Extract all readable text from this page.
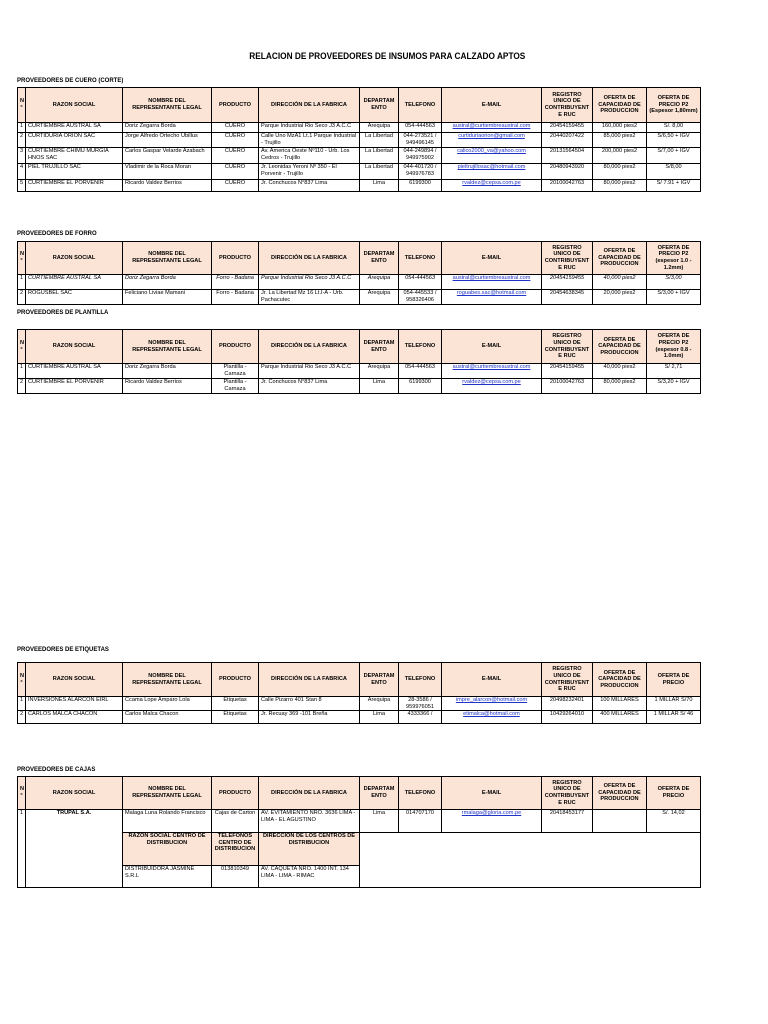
RELACION DE PROVEEDORES DE INSUMOS PARA CALZADO APTOS
PROVEEDORES DE CUERO (CORTE)
N°	RAZON SOCIAL	NOMBRE DEL REPRESENTANTE LEGAL	PRODUCTO	DIRECCIÓN DE LA FABRICA	DEPARTAMENTO	TELEFONO	E-MAIL	REGISTRO UNICO DE CONTRIBUYENTE RUC	OFERTA DE CAPACIDAD DE PRODUCCION	OFERTA DE PRECIO P2 (Espesor 1,80mm)
1	CURTIEMBRE AUSTRAL SA	Doriz Zegarra Borda	CUERO	Parque Industrial Rio Seco J3 A.C.C	Arequipa	054-444563	austral@curtiembreaustral.com	20454159455	160,000 pies2	S/. 8,00
2	CURTIDURIA ORION SAC	Jorge Alfredo Ortecho Ubillus	CUERO	Calle Uno MzA1 Lt.1 Parque Industrial - Trujillo	La Libertad	044-273521 / 949496145	curtiduriaorion@gmail.com	20440207422	85,000 pies2	S/6,50 + IGV
3	CURTIEMBRE CHIMU MURGIA HNOS SAC	Carlos Gaspar Velarde Azabach	CUERO	Av. America Oeste Nº110 - Urb. Los Cedros - Trujillo	La Libertad	044-249894 / 949975902	calico2000_va@yahoo.com	20131564504	200,000 pies2	S/7,00 + IGV
4	PIEL TRUJILLO SAC	Vladimir de la Roca Moran	CUERO	Jr. Leonidas Yeroni Nº 350 - El Porvenir - Trujillo	La Libertad	044-401720 / 949976783	pieltrujillosac@hotmail.com	20480943920	80,000 pies2	S/8,00
5	CURTIEMBRE EL PORVENIR	Ricardo Valdez Berrios	CUERO	Jr. Conchucos N°837 Lima	Lima	6199300	rvaldez@cepsa.com.pe	20100042763	80,000 pies2	S/ 7.91 + IGV
PROVEEDORES DE FORRO
N°	RAZON SOCIAL	NOMBRE DEL REPRESENTANTE LEGAL	PRODUCTO	DIRECCIÓN DE LA FABRICA	DEPARTAMENTO	TELEFONO	E-MAIL	REGISTRO UNICO DE CONTRIBUYENTE RUC	OFERTA DE CAPACIDAD DE PRODUCCION	OFERTA DE PRECIO P2 (espesor 1.0 - 1.2mm)
1	CURTIEMBRE AUSTRAL SA	Doriz Zegarra Borda	Forro - Badana	Parque Industrial Rio Seco J3 A.C.C	Arequipa	054-444563	austral@curtiembreaustral.com	20454159455	40,000 pies2	S/3,00
2	ROGUSBEL SAC	Feliciano Liviae Mamani	Forro - Badana	Jr. La Libertad Mz 16 Lt.I-A - Urb. Pachacutec	Arequipa	054-445533 / 958326406	roguabes.sac@hotmail.com	20454638345	20,000 pies2	S/3,00 + IGV
PROVEEDORES DE PLANTILLA
N°	RAZON SOCIAL	NOMBRE DEL REPRESENTANTE LEGAL	PRODUCTO	DIRECCIÓN DE LA FABRICA	DEPARTAMENTO	TELEFONO	E-MAIL	REGISTRO UNICO DE CONTRIBUYENTE RUC	OFERTA DE CAPACIDAD DE PRODUCCION	OFERTA DE PRECIO P2 (espesor 0.8 - 1.0mm)
1	CURTIEMBRE AUSTRAL SA	Doriz Zegarra Borda	Plantilla - Carnaza	Parque Industrial Rio Seco J3 A.C.C	Arequipa	054-444563	austral@curtiembreaustral.com	20454159455	40,000 pies2	S/ 2,71
2	CURTIEMBRE EL PORVENIR	Ricardo Valdez Berrios	Plantilla - Carnaza	Jr. Conchucos N°837 Lima	Lima	6199300	rvaldez@cepsa.com.pe	20100042763	80,000 pies2	S/3,20 + IGV
PROVEEDORES DE ETIQUETAS
N°	RAZON SOCIAL	NOMBRE DEL REPRESENTANTE LEGAL	PRODUCTO	DIRECCIÓN DE LA FABRICA	DEPARTAMENTO	TELEFONO	E-MAIL	REGISTRO UNICO DE CONTRIBUYENTE RUC	OFERTA DE CAPACIDAD DE PRODUCCION	OFERTA DE PRECIO
1	INVERSIONES ALARCON EIRL	Ccama Lope Amparo Lola	Etiquetas	Calle Pizarro 401 Stan 8	Arequipa	28-3586 / 959976051	impre_alarcon@hotmail.com	20498232401	100 MILLARES	1 MILLAR S/70
2	CARLOS MALCA CHACON	Carlos Malca Chacon	Etiquetas	Jr. Recuay 369 -101 Breña	Lima	4333366 /	etimalca@hotmail.com	10429264010	400 MILLARES	1 MILLAR S/ 46
PROVEEDORES DE CAJAS
N°	RAZON SOCIAL	NOMBRE DEL REPRESENTANTE LEGAL	PRODUCTO	DIRECCIÓN DE LA FABRICA	DEPARTAMENTO	TELEFONO	E-MAIL	REGISTRO UNICO DE CONTRIBUYENTE RUC	OFERTA DE CAPACIDAD DE PRODUCCION	OFERTA DE PRECIO
1	TRUPAL S.A.	Malaga Luna Rolando Francisco	Cajas de Carton	AV. EVITAMIENTO NRO. 3636 LIMA - LIMA - EL AGUSTINO	Lima	014707170	rmalaga@gloria.com.pe	20418453177		S/. 14,02
		RAZON SOCIAL CENTRO DE DISTRIBUCION	TELEFONOS CENTRO DE DISTRIBUCION	DIRECCION DE LOS CENTROS DE DISTRIBUCION						
		DISTRIBUIDORA JASMINE S.R.L	013810349	AV. CAQUETA NRO. 1400 INT. 134 LIMA - LIMA - RIMAC						
